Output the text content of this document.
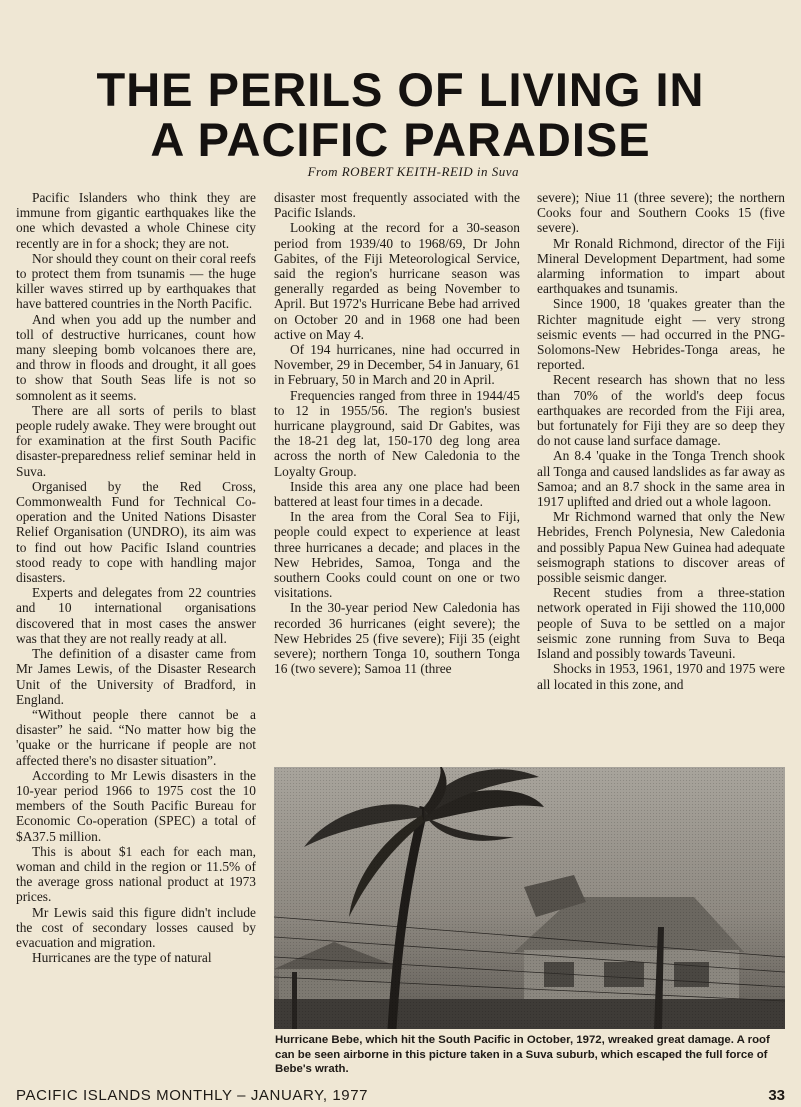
THE PERILS OF LIVING IN
A PACIFIC PARADISE
From ROBERT KEITH-REID in Suva

Pacific Islanders who think they are immune from gigantic earthquakes like the one which devasted a whole Chinese city recently are in for a shock; they are not.

Nor should they count on their coral reefs to protect them from tsunamis — the huge killer waves stirred up by earthquakes that have battered countries in the North Pacific.

And when you add up the number and toll of destructive hurricanes, count how many sleeping bomb volcanoes there are, and throw in floods and drought, it all goes to show that South Seas life is not so somnolent as it seems.

There are all sorts of perils to blast people rudely awake. They were brought out for examination at the first South Pacific disaster-preparedness relief seminar held in Suva.

Organised by the Red Cross, Commonwealth Fund for Technical Co-operation and the United Nations Disaster Relief Organisation (UNDRO), its aim was to find out how Pacific Island countries stood ready to cope with handling major disasters.

Experts and delegates from 22 countries and 10 international organisations discovered that in most cases the answer was that they are not really ready at all.

The definition of a disaster came from Mr James Lewis, of the Disaster Research Unit of the University of Bradford, in England.

“Without people there cannot be a disaster” he said. “No matter how big the 'quake or the hurricane if people are not affected there's no disaster situation”.

According to Mr Lewis disasters in the 10-year period 1966 to 1975 cost the 10 members of the South Pacific Bureau for Economic Co-operation (SPEC) a total of $A37.5 million.

This is about $1 each for each man, woman and child in the region or 11.5% of the average gross national product at 1973 prices.

Mr Lewis said this figure didn't include the cost of secondary losses caused by evacuation and migration.

Hurricanes are the type of natural

disaster most frequently associated with the Pacific Islands.

Looking at the record for a 30-season period from 1939/40 to 1968/69, Dr John Gabites, of the Fiji Meteorological Service, said the region's hurricane season was generally regarded as being November to April. But 1972's Hurricane Bebe had arrived on October 20 and in 1968 one had been active on May 4.

Of 194 hurricanes, nine had occurred in November, 29 in December, 54 in January, 61 in February, 50 in March and 20 in April.

Frequencies ranged from three in 1944/45 to 12 in 1955/56. The region's busiest hurricane playground, said Dr Gabites, was the 18-21 deg lat, 150-170 deg long area across the north of New Caledonia to the Loyalty Group.

Inside this area any one place had been battered at least four times in a decade.

In the area from the Coral Sea to Fiji, people could expect to experience at least three hurricanes a decade; and places in the New Hebrides, Samoa, Tonga and the southern Cooks could count on one or two visitations.

In the 30-year period New Caledonia has recorded 36 hurricanes (eight severe); the New Hebrides 25 (five severe); Fiji 35 (eight severe); northern Tonga 10, southern Tonga 16 (two severe); Samoa 11 (three

severe); Niue 11 (three severe); the northern Cooks four and Southern Cooks 15 (five severe).

Mr Ronald Richmond, director of the Fiji Mineral Development Department, had some alarming information to impart about earthquakes and tsunamis.

Since 1900, 18 'quakes greater than the Richter magnitude eight — very strong seismic events — had occurred in the PNG-Solomons-New Hebrides-Tonga areas, he reported.

Recent research has shown that no less than 70% of the world's deep focus earthquakes are recorded from the Fiji area, but fortunately for Fiji they are so deep they do not cause land surface damage.

An 8.4 'quake in the Tonga Trench shook all Tonga and caused landslides as far away as Samoa; and an 8.7 shock in the same area in 1917 uplifted and dried out a whole lagoon.

Mr Richmond warned that only the New Hebrides, French Polynesia, New Caledonia and possibly Papua New Guinea had adequate seismograph stations to discover areas of possible seismic danger.

Recent studies from a three-station network operated in Fiji showed the 110,000 people of Suva to be settled on a major seismic zone running from Suva to Beqa Island and possibly towards Taveuni.

Shocks in 1953, 1961, 1970 and 1975 were all located in this zone, and

Hurricane Bebe, which hit the South Pacific in October, 1972, wreaked great damage. A roof can be seen airborne in this picture taken in a Suva suburb, which escaped the full force of Bebe's wrath.
PACIFIC ISLANDS MONTHLY – JANUARY, 1977	33
